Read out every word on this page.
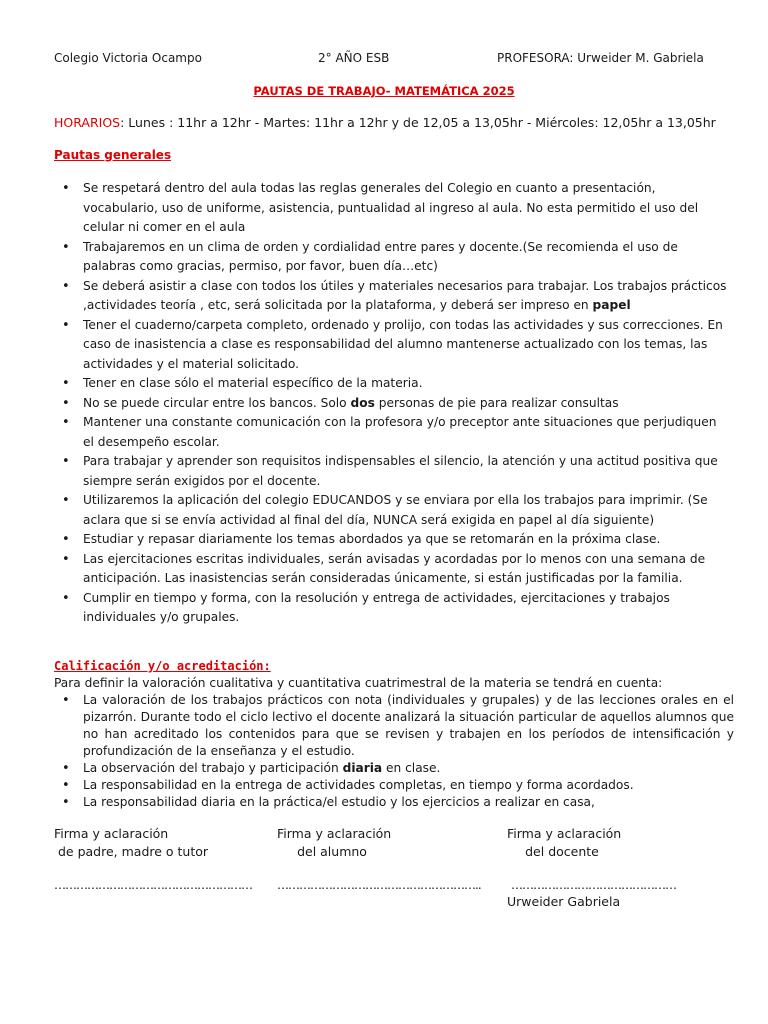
Colegio Victoria Ocampo	2° AÑO ESB	PROFESORA: Urweider M. Gabriela
PAUTAS DE TRABAJO- MATEMÁTICA 2025
HORARIOS: Lunes : 11hr a 12hr - Martes: 11hr a 12hr y de 12,05 a 13,05hr - Miércoles: 12,05hr a 13,05hr
Pautas generales
• Se respetará dentro del aula todas las reglas generales del Colegio en cuanto a presentación, vocabulario, uso de uniforme, asistencia, puntualidad al ingreso al aula. No esta permitido el uso del celular ni comer en el aula
• Trabajaremos en un clima de orden y cordialidad entre pares y docente.(Se recomienda el uso de palabras como gracias, permiso, por favor, buen día…etc)
• Se deberá asistir a clase con todos los útiles y materiales necesarios para trabajar. Los trabajos prácticos ,actividades teoría , etc, será solicitada por la plataforma, y deberá ser impreso en papel
• Tener el cuaderno/carpeta completo, ordenado y prolijo, con todas las actividades y sus correcciones. En caso de inasistencia a clase es responsabilidad del alumno mantenerse actualizado con los temas, las actividades y el material solicitado.
• Tener en clase sólo el material específico de la materia.
• No se puede circular entre los bancos. Solo dos personas de pie para realizar consultas
• Mantener una constante comunicación con la profesora y/o preceptor ante situaciones que perjudiquen el desempeño escolar.
• Para trabajar y aprender son requisitos indispensables el silencio, la atención y una actitud positiva que siempre serán exigidos por el docente.
• Utilizaremos la aplicación del colegio EDUCANDOS y se enviara por ella los trabajos para imprimir. (Se aclara que si se envía actividad al final del día, NUNCA será exigida en papel al día siguiente)
• Estudiar y repasar diariamente los temas abordados ya que se retomarán en la próxima clase.
• Las ejercitaciones escritas individuales, serán avisadas y acordadas por lo menos con una semana de anticipación. Las inasistencias serán consideradas únicamente, si están justificadas por la familia.
• Cumplir en tiempo y forma, con la resolución y entrega de actividades, ejercitaciones y trabajos individuales y/o grupales.
Calificación y/o acreditación:
Para definir la valoración cualitativa y cuantitativa cuatrimestral de la materia se tendrá en cuenta:
• La valoración de los trabajos prácticos con nota (individuales y grupales) y de las lecciones orales en el pizarrón. Durante todo el ciclo lectivo el docente analizará la situación particular de aquellos alumnos que no han acreditado los contenidos para que se revisen y trabajen en los períodos de intensificación y profundización de la enseñanza y el estudio.
• La observación del trabajo y participación diaria en clase.
• La responsabilidad en la entrega de actividades completas, en tiempo y forma acordados.
• La responsabilidad diaria en la práctica/el estudio y los ejercicios a realizar en casa,
Firma y aclaración
de padre, madre o tutor
Firma y aclaración
del alumno
Firma y aclaración
del docente
……………………………………………… ………………………………………………..	………………………………………
Urweider Gabriela
